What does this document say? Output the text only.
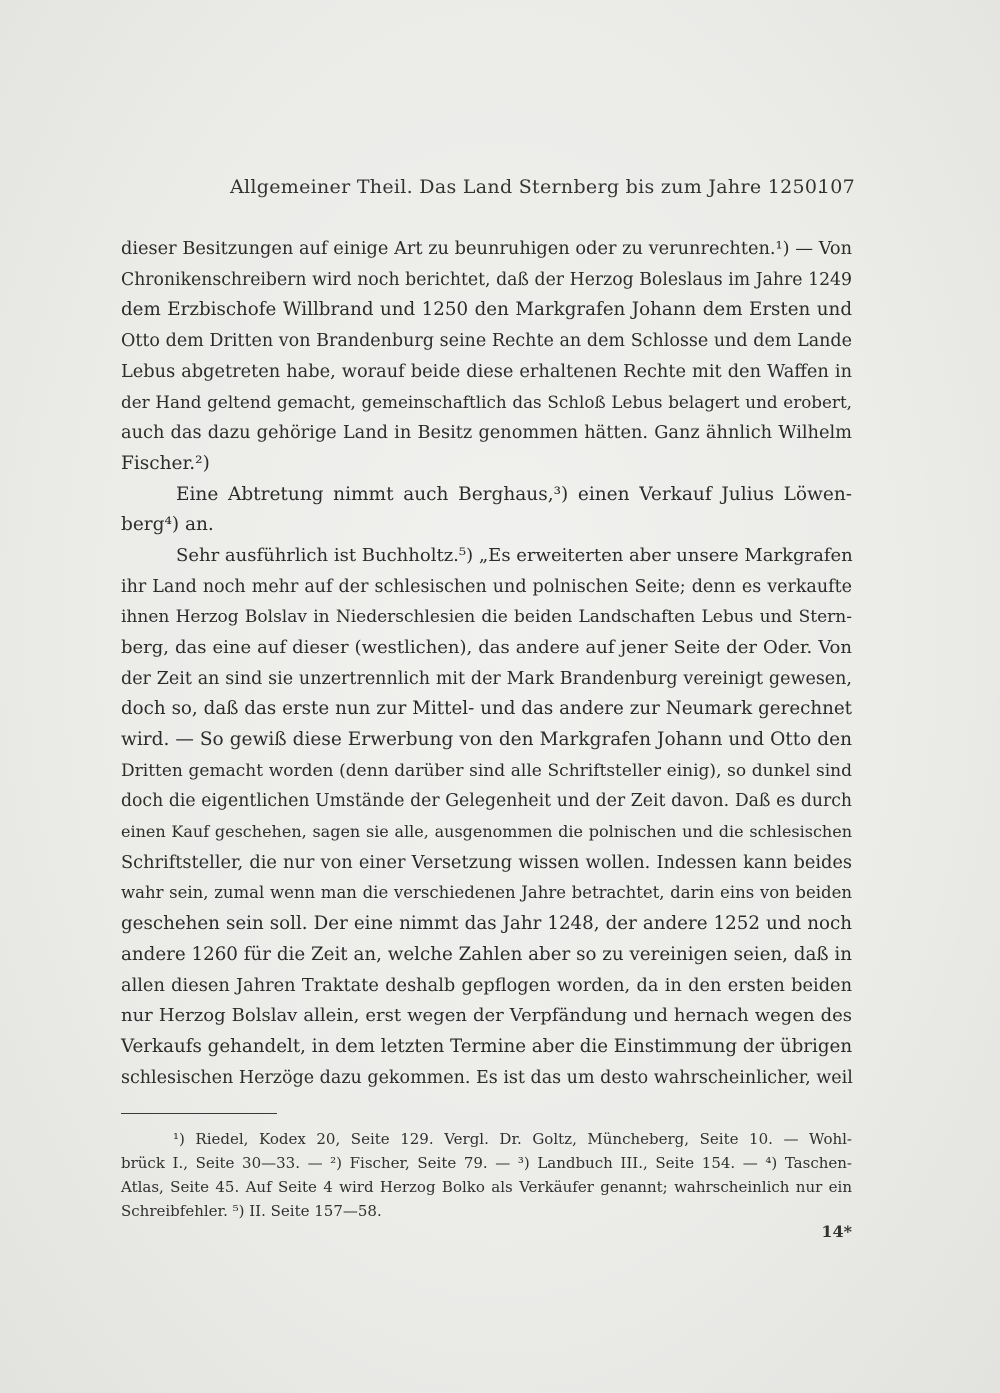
Allgemeiner Theil. Das Land Sternberg bis zum Jahre 1250.
107
dieser Besitzungen auf einige Art zu beunruhigen oder zu verunrechten.¹) — Von
Chronikenschreibern wird noch berichtet, daß der Herzog Boleslaus im Jahre 1249
dem Erzbischofe Willbrand und 1250 den Markgrafen Johann dem Ersten und
Otto dem Dritten von Brandenburg seine Rechte an dem Schlosse und dem Lande
Lebus abgetreten habe, worauf beide diese erhaltenen Rechte mit den Waffen in
der Hand geltend gemacht, gemeinschaftlich das Schloß Lebus belagert und erobert,
auch das dazu gehörige Land in Besitz genommen hätten. Ganz ähnlich Wilhelm
Fischer.²)
Eine Abtretung nimmt auch Berghaus,³) einen Verkauf Julius Löwen-
berg⁴) an.
Sehr ausführlich ist Buchholtz.⁵) „Es erweiterten aber unsere Markgrafen
ihr Land noch mehr auf der schlesischen und polnischen Seite; denn es verkaufte
ihnen Herzog Bolslav in Niederschlesien die beiden Landschaften Lebus und Stern-
berg, das eine auf dieser (westlichen), das andere auf jener Seite der Oder. Von
der Zeit an sind sie unzertrennlich mit der Mark Brandenburg vereinigt gewesen,
doch so, daß das erste nun zur Mittel- und das andere zur Neumark gerechnet
wird. — So gewiß diese Erwerbung von den Markgrafen Johann und Otto den
Dritten gemacht worden (denn darüber sind alle Schriftsteller einig), so dunkel sind
doch die eigentlichen Umstände der Gelegenheit und der Zeit davon. Daß es durch
einen Kauf geschehen, sagen sie alle, ausgenommen die polnischen und die schlesischen
Schriftsteller, die nur von einer Versetzung wissen wollen. Indessen kann beides
wahr sein, zumal wenn man die verschiedenen Jahre betrachtet, darin eins von beiden
geschehen sein soll. Der eine nimmt das Jahr 1248, der andere 1252 und noch
andere 1260 für die Zeit an, welche Zahlen aber so zu vereinigen seien, daß in
allen diesen Jahren Traktate deshalb gepflogen worden, da in den ersten beiden
nur Herzog Bolslav allein, erst wegen der Verpfändung und hernach wegen des
Verkaufs gehandelt, in dem letzten Termine aber die Einstimmung der übrigen
schlesischen Herzöge dazu gekommen. Es ist das um desto wahrscheinlicher, weil
¹) Riedel, Kodex 20, Seite 129. Vergl. Dr. Goltz, Müncheberg, Seite 10. — Wohl-
brück I., Seite 30—33. — ²) Fischer, Seite 79. — ³) Landbuch III., Seite 154. — ⁴) Taschen-
Atlas, Seite 45. Auf Seite 4 wird Herzog Bolko als Verkäufer genannt; wahrscheinlich nur ein
Schreibfehler. ⁵) II. Seite 157—58.
14*
